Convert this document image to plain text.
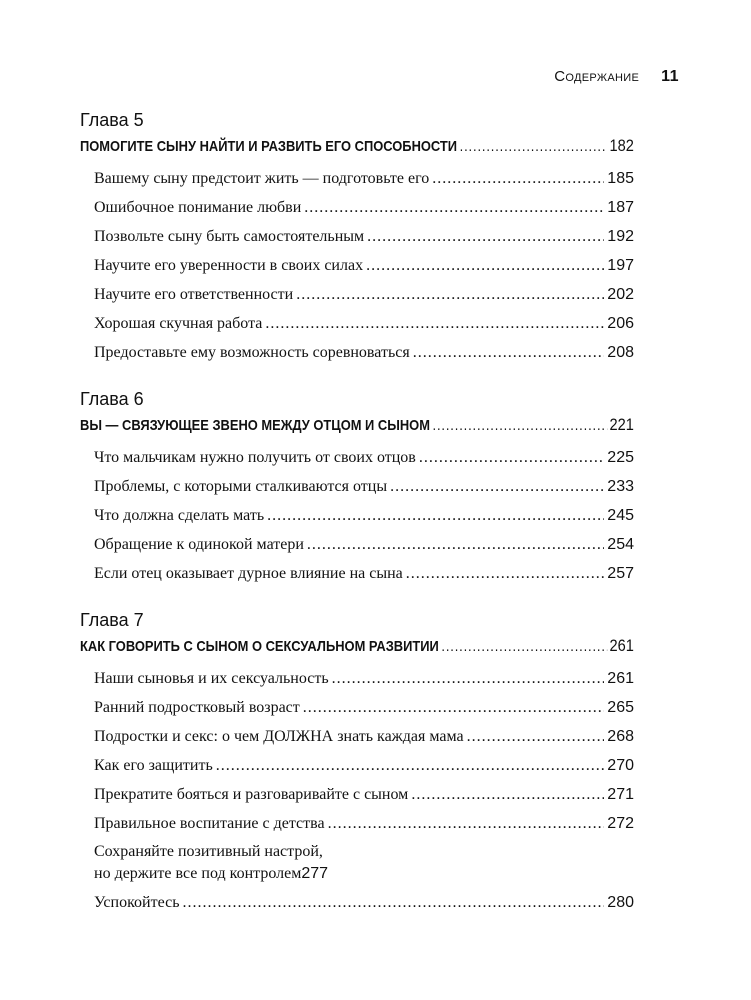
Содержание 11
Глава 5
ПОМОГИТЕ СЫНУ НАЙТИ И РАЗВИТЬ ЕГО СПОСОБНОСТИ .....	182
Вашему сыну предстоит жить — подготовьте его .....	185
Ошибочное понимание любви .....	187
Позвольте сыну быть самостоятельным .....	192
Научите его уверенности в своих силах .....	197
Научите его ответственности .....	202
Хорошая скучная работа .....	206
Предоставьте ему возможность соревноваться .....	208
Глава 6
ВЫ — СВЯЗУЮЩЕЕ ЗВЕНО МЕЖДУ ОТЦОМ И СЫНОМ .....	221
Что мальчикам нужно получить от своих отцов .....	225
Проблемы, с которыми сталкиваются отцы .....	233
Что должна сделать мать .....	245
Обращение к одинокой матери .....	254
Если отец оказывает дурное влияние на сына .....	257
Глава 7
КАК ГОВОРИТЬ С СЫНОМ О СЕКСУАЛЬНОМ РАЗВИТИИ .....	261
Наши сыновья и их сексуальность .....	261
Ранний подростковый возраст .....	265
Подростки и секс: о чем ДОЛЖНА знать каждая мама .....	268
Как его защитить .....	270
Прекратите бояться и разговаривайте с сыном .....	271
Правильное воспитание с детства .....	272
Сохраняйте позитивный настрой,
но держите все под контролем 277
Успокойтесь .....	280
